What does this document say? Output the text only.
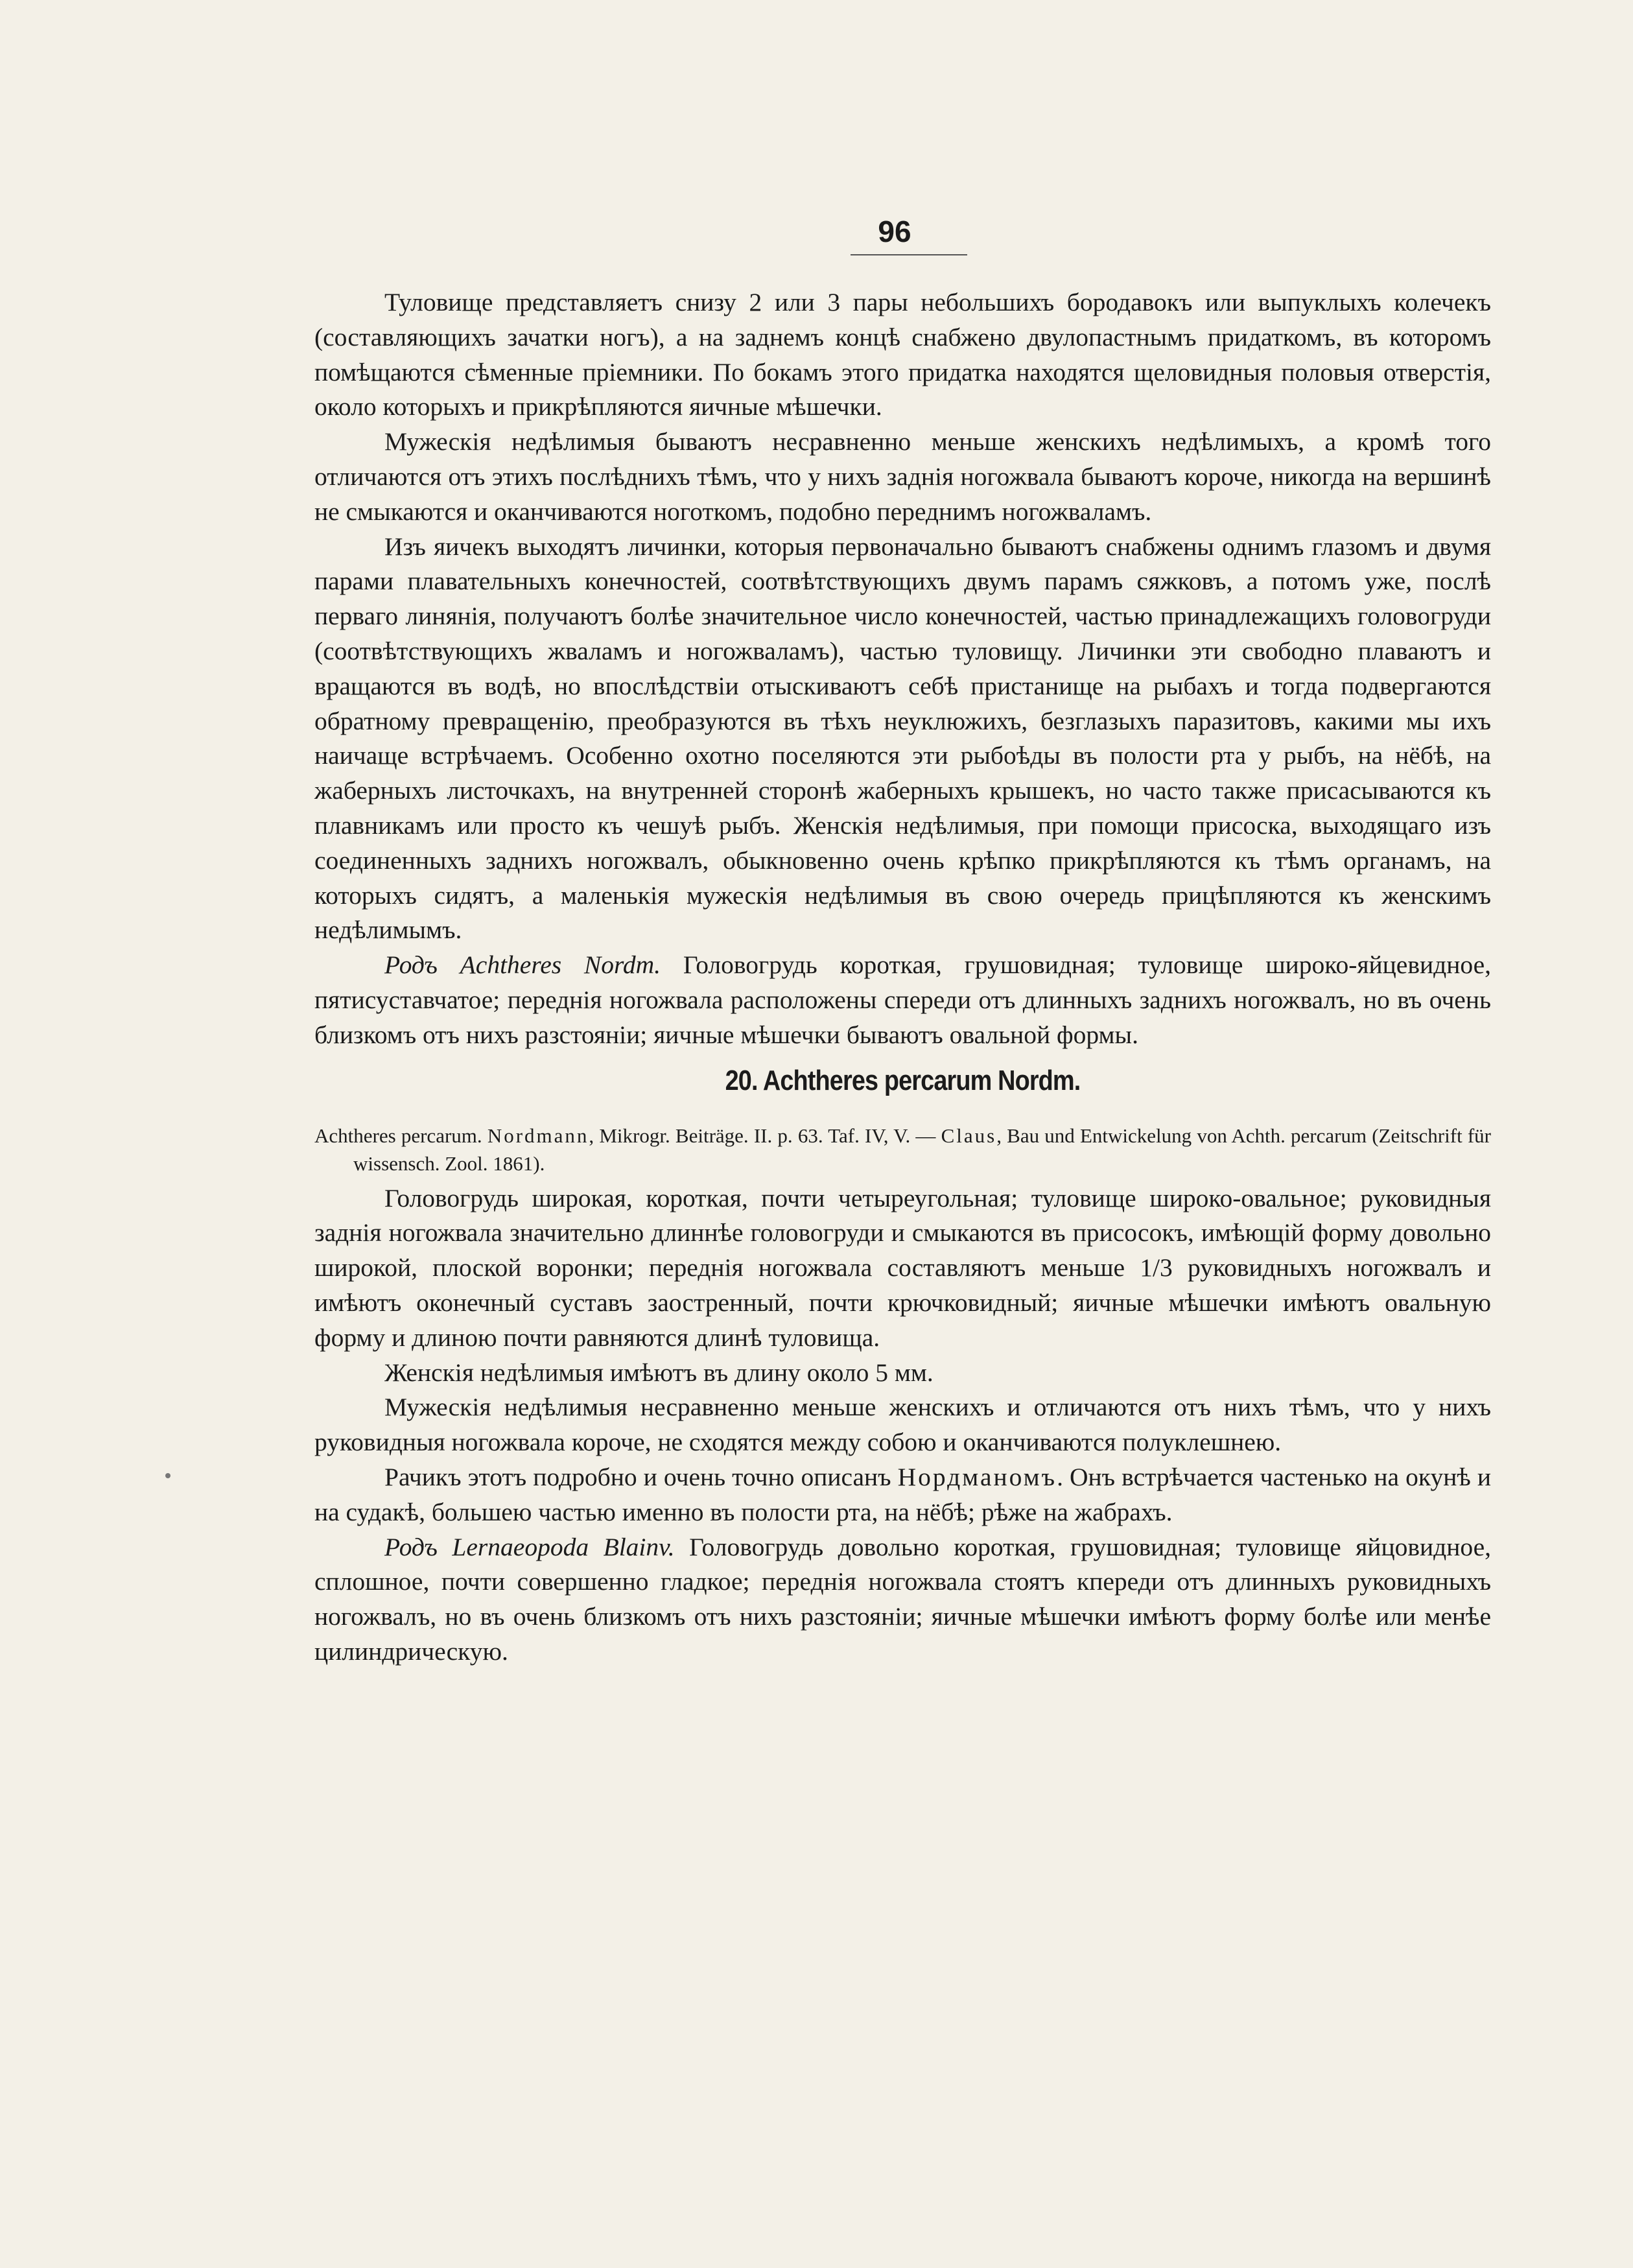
96

Туловище представляетъ снизу 2 или 3 пары небольшихъ бородавокъ или выпуклыхъ колечекъ (составляющихъ зачатки ногъ), а на заднемъ концѣ снабжено двулопастнымъ придаткомъ, въ которомъ помѣщаются сѣменные пріемники. По бокамъ этого придатка находятся щеловидныя половыя отверстія, около которыхъ и прикрѣпляются яичные мѣшечки.

Мужескія недѣлимыя бываютъ несравненно меньше женскихъ недѣлимыхъ, а кромѣ того отличаются отъ этихъ послѣднихъ тѣмъ, что у нихъ заднія ногожвала бываютъ короче, никогда на вершинѣ не смыкаются и оканчиваются ноготкомъ, подобно переднимъ ногожваламъ.

Изъ яичекъ выходятъ личинки, которыя первоначально бываютъ снабжены однимъ глазомъ и двумя парами плавательныхъ конечностей, соотвѣтствующихъ двумъ парамъ сяжковъ, а потомъ уже, послѣ перваго линянія, получаютъ болѣе значительное число конечностей, частью принадлежащихъ головогруди (соотвѣтствующихъ жваламъ и ногожваламъ), частью туловищу. Личинки эти свободно плаваютъ и вращаются въ водѣ, но впослѣдствіи отыскиваютъ себѣ пристанище на рыбахъ и тогда подвергаются обратному превращенію, преобразуются въ тѣхъ неуклюжихъ, безглазыхъ паразитовъ, какими мы ихъ наичаще встрѣчаемъ. Особенно охотно поселяются эти рыбоѣды въ полости рта у рыбъ, на нёбѣ, на жаберныхъ листочкахъ, на внутренней сторонѣ жаберныхъ крышекъ, но часто также присасываются къ плавникамъ или просто къ чешуѣ рыбъ. Женскія недѣлимыя, при помощи присоска, выходящаго изъ соединенныхъ заднихъ ногожвалъ, обыкновенно очень крѣпко прикрѣпляются къ тѣмъ органамъ, на которыхъ сидятъ, а маленькія мужескія недѣлимыя въ свою очередь прицѣпляются къ женскимъ недѣлимымъ.

Родъ Achtheres Nordm. Головогрудь короткая, грушовидная; туловище широко-яйцевидное, пятисуставчатое; переднія ногожвала расположены спереди отъ длинныхъ заднихъ ногожвалъ, но въ очень близкомъ отъ нихъ разстояніи; яичные мѣшечки бываютъ овальной формы.

20. Achtheres percarum Nordm.

Achtheres percarum. Nordmann, Mikrogr. Beiträge. II. p. 63. Taf. IV, V. — Claus, Bau und Entwickelung von Achth. percarum (Zeitschrift für wissensch. Zool. 1861).

Головогрудь широкая, короткая, почти четыреугольная; туловище широко-овальное; руковидныя заднія ногожвала значительно длиннѣе головогруди и смыкаются въ присосокъ, имѣющій форму довольно широкой, плоской воронки; переднія ногожвала составляютъ меньше 1/3 руковидныхъ ногожвалъ и имѣютъ оконечный суставъ заостренный, почти крючковидный; яичные мѣшечки имѣютъ овальную форму и длиною почти равняются длинѣ туловища.

Женскія недѣлимыя имѣютъ въ длину около 5 мм.

Мужескія недѣлимыя несравненно меньше женскихъ и отличаются отъ нихъ тѣмъ, что у нихъ руковидныя ногожвала короче, не сходятся между собою и оканчиваются полуклешнею.

Рачикъ этотъ подробно и очень точно описанъ Нордманомъ. Онъ встрѣчается частенько на окунѣ и на судакѣ, большею частью именно въ полости рта, на нёбѣ; рѣже на жабрахъ.

Родъ Lernaeopoda Blainv. Головогрудь довольно короткая, грушовидная; туловище яйцовидное, сплошное, почти совершенно гладкое; переднія ногожвала стоятъ кпереди отъ длинныхъ руковидныхъ ногожвалъ, но въ очень близкомъ отъ нихъ разстояніи; яичные мѣшечки имѣютъ форму болѣе или менѣе цилиндрическую.
